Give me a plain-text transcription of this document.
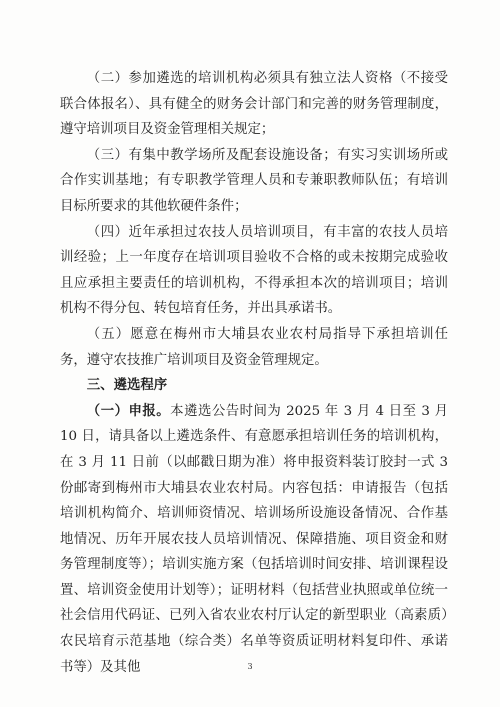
（二）参加遴选的培训机构必须具有独立法人资格（不接受联合体报名）、具有健全的财务会计部门和完善的财务管理制度，遵守培训项目及资金管理相关规定；

（三）有集中教学场所及配套设施设备；有实习实训场所或合作实训基地；有专职教学管理人员和专兼职教师队伍；有培训目标所要求的其他软硬件条件；

（四）近年承担过农技人员培训项目，有丰富的农技人员培训经验；上一年度存在培训项目验收不合格的或未按期完成验收且应承担主要责任的培训机构，不得承担本次的培训项目；培训机构不得分包、转包培育任务，并出具承诺书。

（五）愿意在梅州市大埔县农业农村局指导下承担培训任务，遵守农技推广培训项目及资金管理规定。

三、遴选程序

（一）申报。本遴选公告时间为 2025 年 3 月 4 日至 3 月 10 日，请具备以上遴选条件、有意愿承担培训任务的培训机构，在 3 月 11 日前（以邮戳日期为准）将申报资料装订胶封一式 3 份邮寄到梅州市大埔县农业农村局。内容包括：申请报告（包括培训机构简介、培训师资情况、培训场所设施设备情况、合作基地情况、历年开展农技人员培训情况、保障措施、项目资金和财务管理制度等）；培训实施方案（包括培训时间安排、培训课程设置、培训资金使用计划等）；证明材料（包括营业执照或单位统一社会信用代码证、已列入省农业农村厅认定的新型职业（高素质）农民培育示范基地（综合类）名单等资质证明材料复印件、承诺书等）及其他	3
